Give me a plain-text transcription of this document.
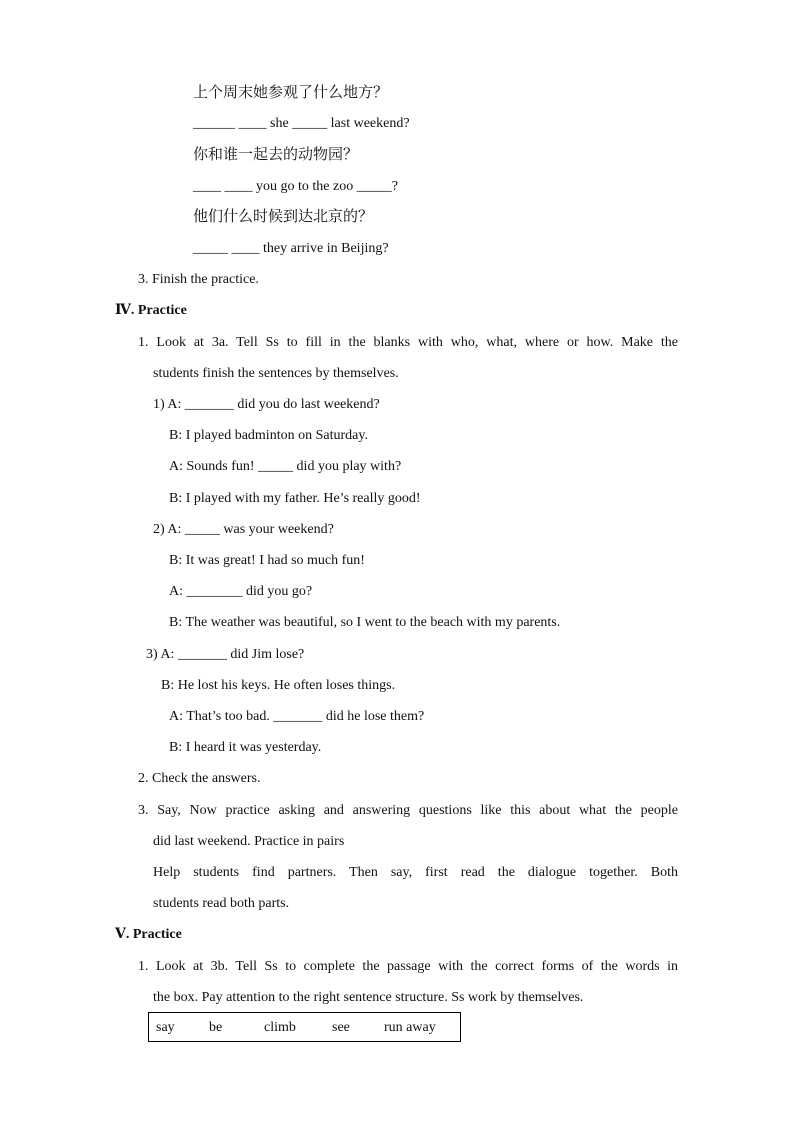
上个周末她参观了什么地方？
______ ____ she _____ last weekend?
你和谁一起去的动物园？
____ ____ you go to the zoo _____?
他们什么时候到达北京的？
_____ ____ they arrive in Beijing?
3. Finish the practice.
Ⅳ. Practice
1. Look at 3a. Tell Ss to fill in the blanks with who, what, where or how. Make the
students finish the sentences by themselves.
1) A: _______ did you do last weekend?
B: I played badminton on Saturday.
A: Sounds fun! _____ did you play with?
B: I played with my father. He’s really good!
2) A: _____ was your weekend?
B: It was great! I had so much fun!
A: ________ did you go?
B: The weather was beautiful, so I went to the beach with my parents.
3) A: _______ did Jim lose?
B: He lost his keys. He often loses things.
A: That’s too bad. _______ did he lose them?
B: I heard it was yesterday.
2. Check the answers.
3. Say, Now practice asking and answering questions like this about what the people
did last weekend. Practice in pairs
Help students find partners. Then say, first read the dialogue together. Both
students read both parts.
Ⅴ. Practice
1. Look at 3b. Tell Ss to complete the passage with the correct forms of the words in
the box. Pay attention to the right sentence structure. Ss work by themselves.
say be	climb	see run away
